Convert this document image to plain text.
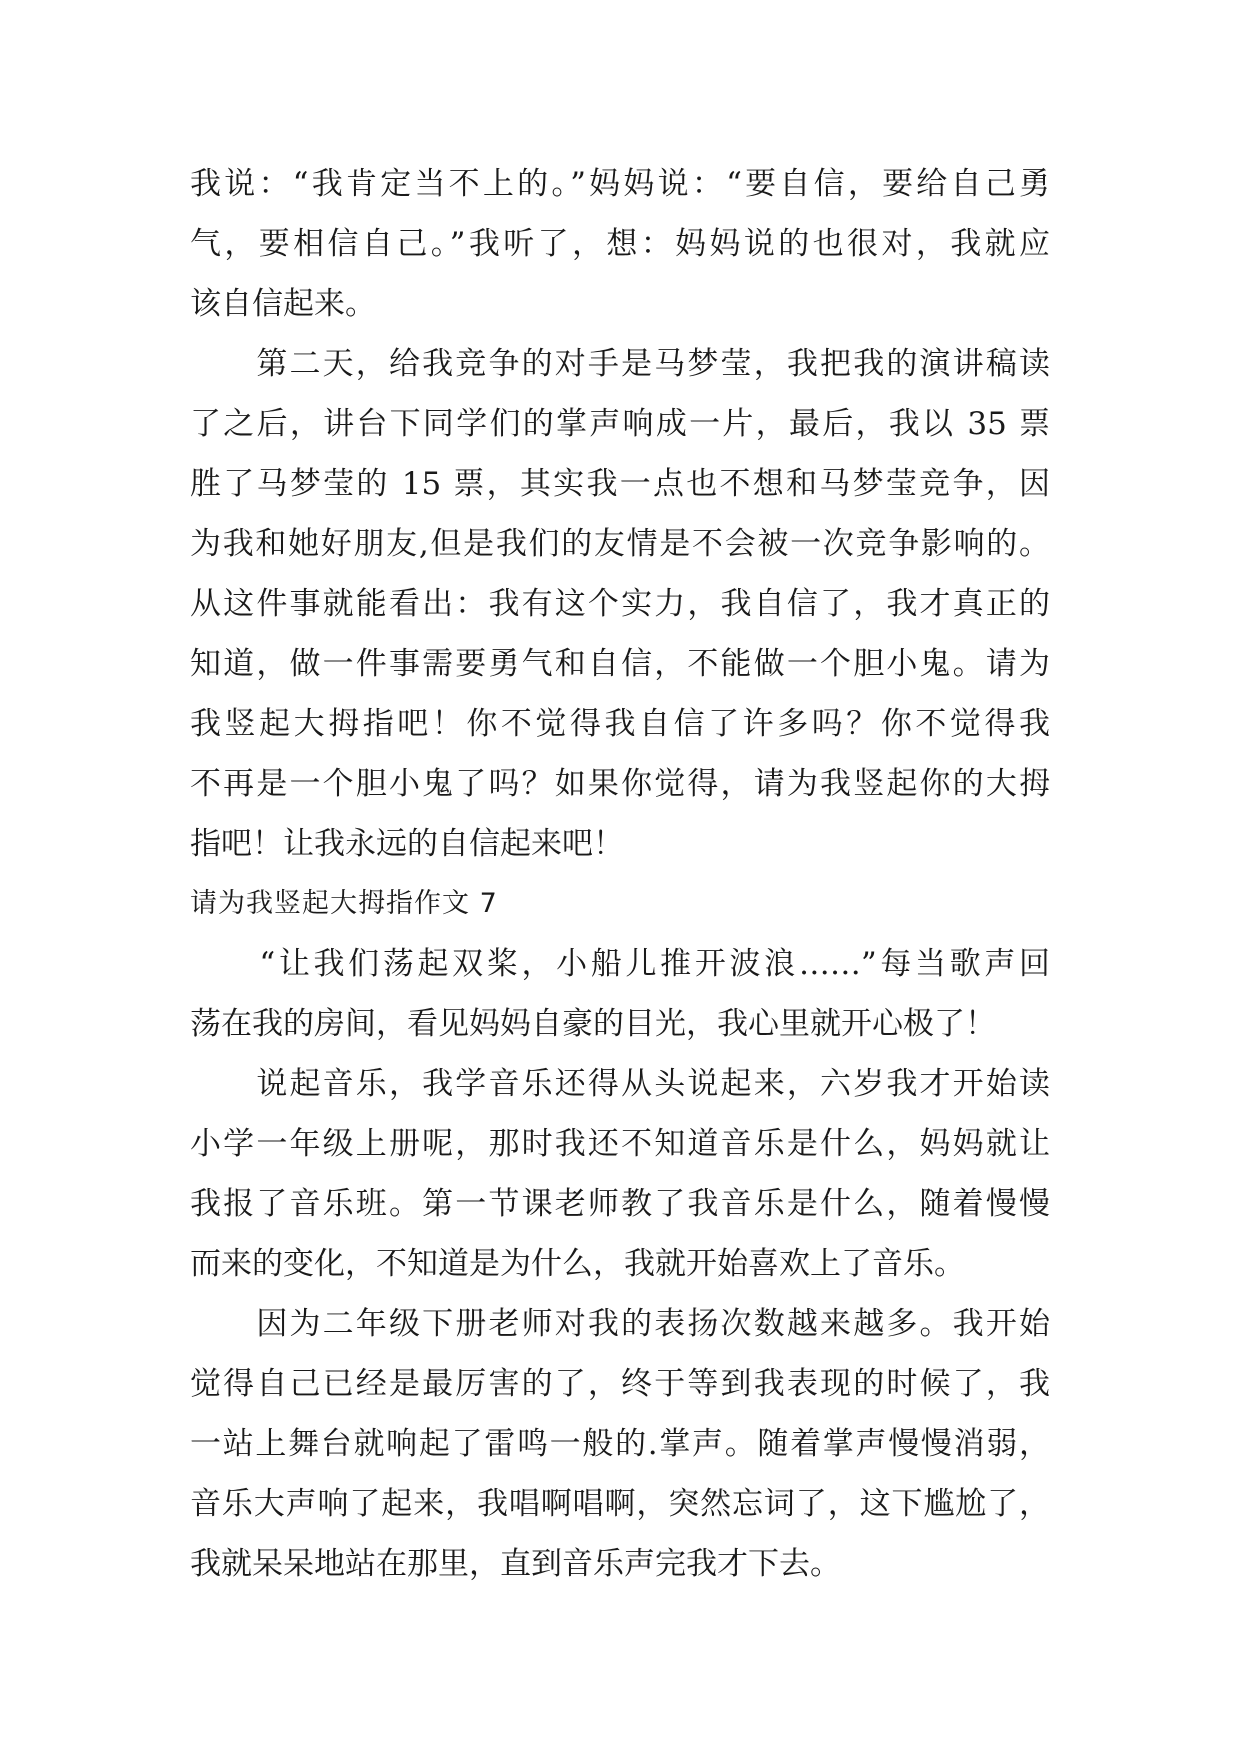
我说：“我肯定当不上的。”妈妈说：“要自信，要给自己勇

气，要相信自己。”我听了，想：妈妈说的也很对，我就应

该自信起来。

　　第二天，给我竞争的对手是马梦莹，我把我的演讲稿读

了之后，讲台下同学们的掌声响成一片，最后，我以 35 票

胜了马梦莹的 15 票，其实我一点也不想和马梦莹竞争，因

为我和她好朋友,但是我们的友情是不会被一次竞争影响的。

从这件事就能看出：我有这个实力，我自信了，我才真正的

知道，做一件事需要勇气和自信，不能做一个胆小鬼。请为

我竖起大拇指吧！你不觉得我自信了许多吗？你不觉得我

不再是一个胆小鬼了吗？如果你觉得，请为我竖起你的大拇

指吧！让我永远的自信起来吧！

请为我竖起大拇指作文 7

　　“让我们荡起双桨，小船儿推开波浪……”每当歌声回

荡在我的房间，看见妈妈自豪的目光，我心里就开心极了！

　　说起音乐，我学音乐还得从头说起来，六岁我才开始读

小学一年级上册呢，那时我还不知道音乐是什么，妈妈就让

我报了音乐班。第一节课老师教了我音乐是什么，随着慢慢

而来的变化，不知道是为什么，我就开始喜欢上了音乐。

　　因为二年级下册老师对我的表扬次数越来越多。我开始

觉得自己已经是最厉害的了，终于等到我表现的时候了，我

一站上舞台就响起了雷鸣一般的.掌声。随着掌声慢慢消弱，

音乐大声响了起来，我唱啊唱啊，突然忘词了，这下尴尬了，

我就呆呆地站在那里，直到音乐声完我才下去。
